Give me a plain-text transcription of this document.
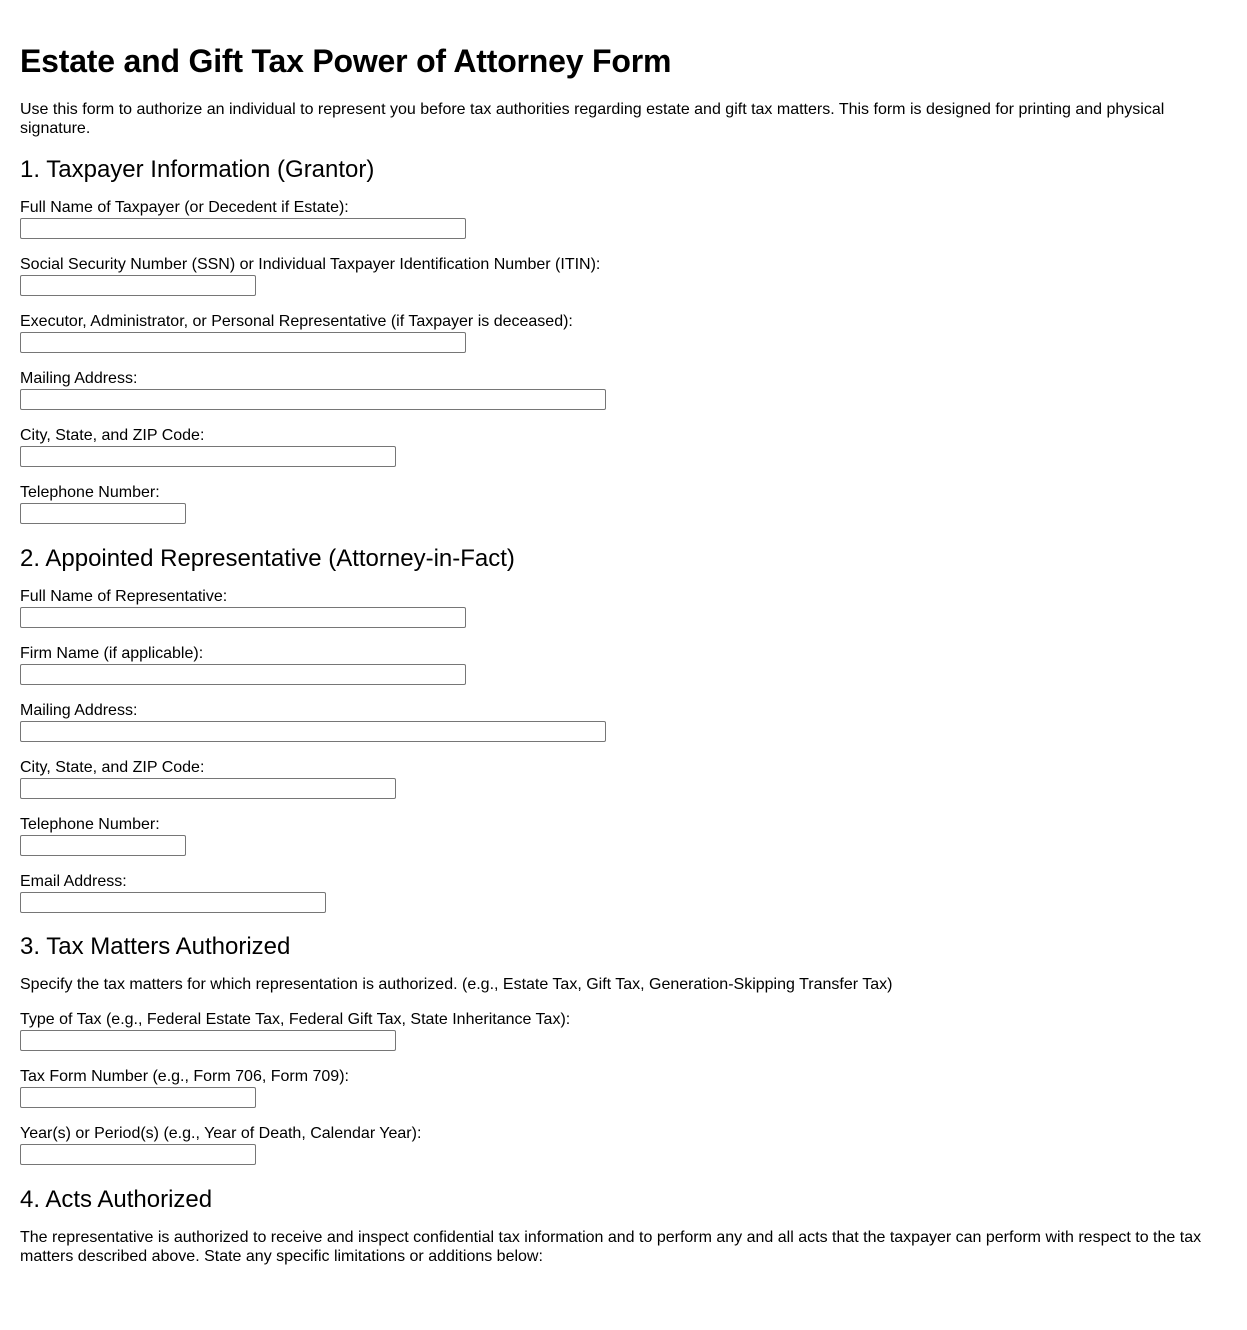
Estate and Gift Tax Power of Attorney Form

Use this form to authorize an individual to represent you before tax authorities regarding estate and gift tax matters. This form is designed for printing and physical signature.

1. Taxpayer Information (Grantor)
Full Name of Taxpayer (or Decedent if Estate):
Social Security Number (SSN) or Individual Taxpayer Identification Number (ITIN):
Executor, Administrator, or Personal Representative (if Taxpayer is deceased):
Mailing Address:
City, State, and ZIP Code:
Telephone Number:
2. Appointed Representative (Attorney-in-Fact)
Full Name of Representative:
Firm Name (if applicable):
Mailing Address:
City, State, and ZIP Code:
Telephone Number:
Email Address:
3. Tax Matters Authorized

Specify the tax matters for which representation is authorized. (e.g., Estate Tax, Gift Tax, Generation-Skipping Transfer Tax)

Type of Tax (e.g., Federal Estate Tax, Federal Gift Tax, State Inheritance Tax):
Tax Form Number (e.g., Form 706, Form 709):
Year(s) or Period(s) (e.g., Year of Death, Calendar Year):
4. Acts Authorized

The representative is authorized to receive and inspect confidential tax information and to perform any and all acts that the taxpayer can perform with respect to the tax matters described above. State any specific limitations or additions below:
